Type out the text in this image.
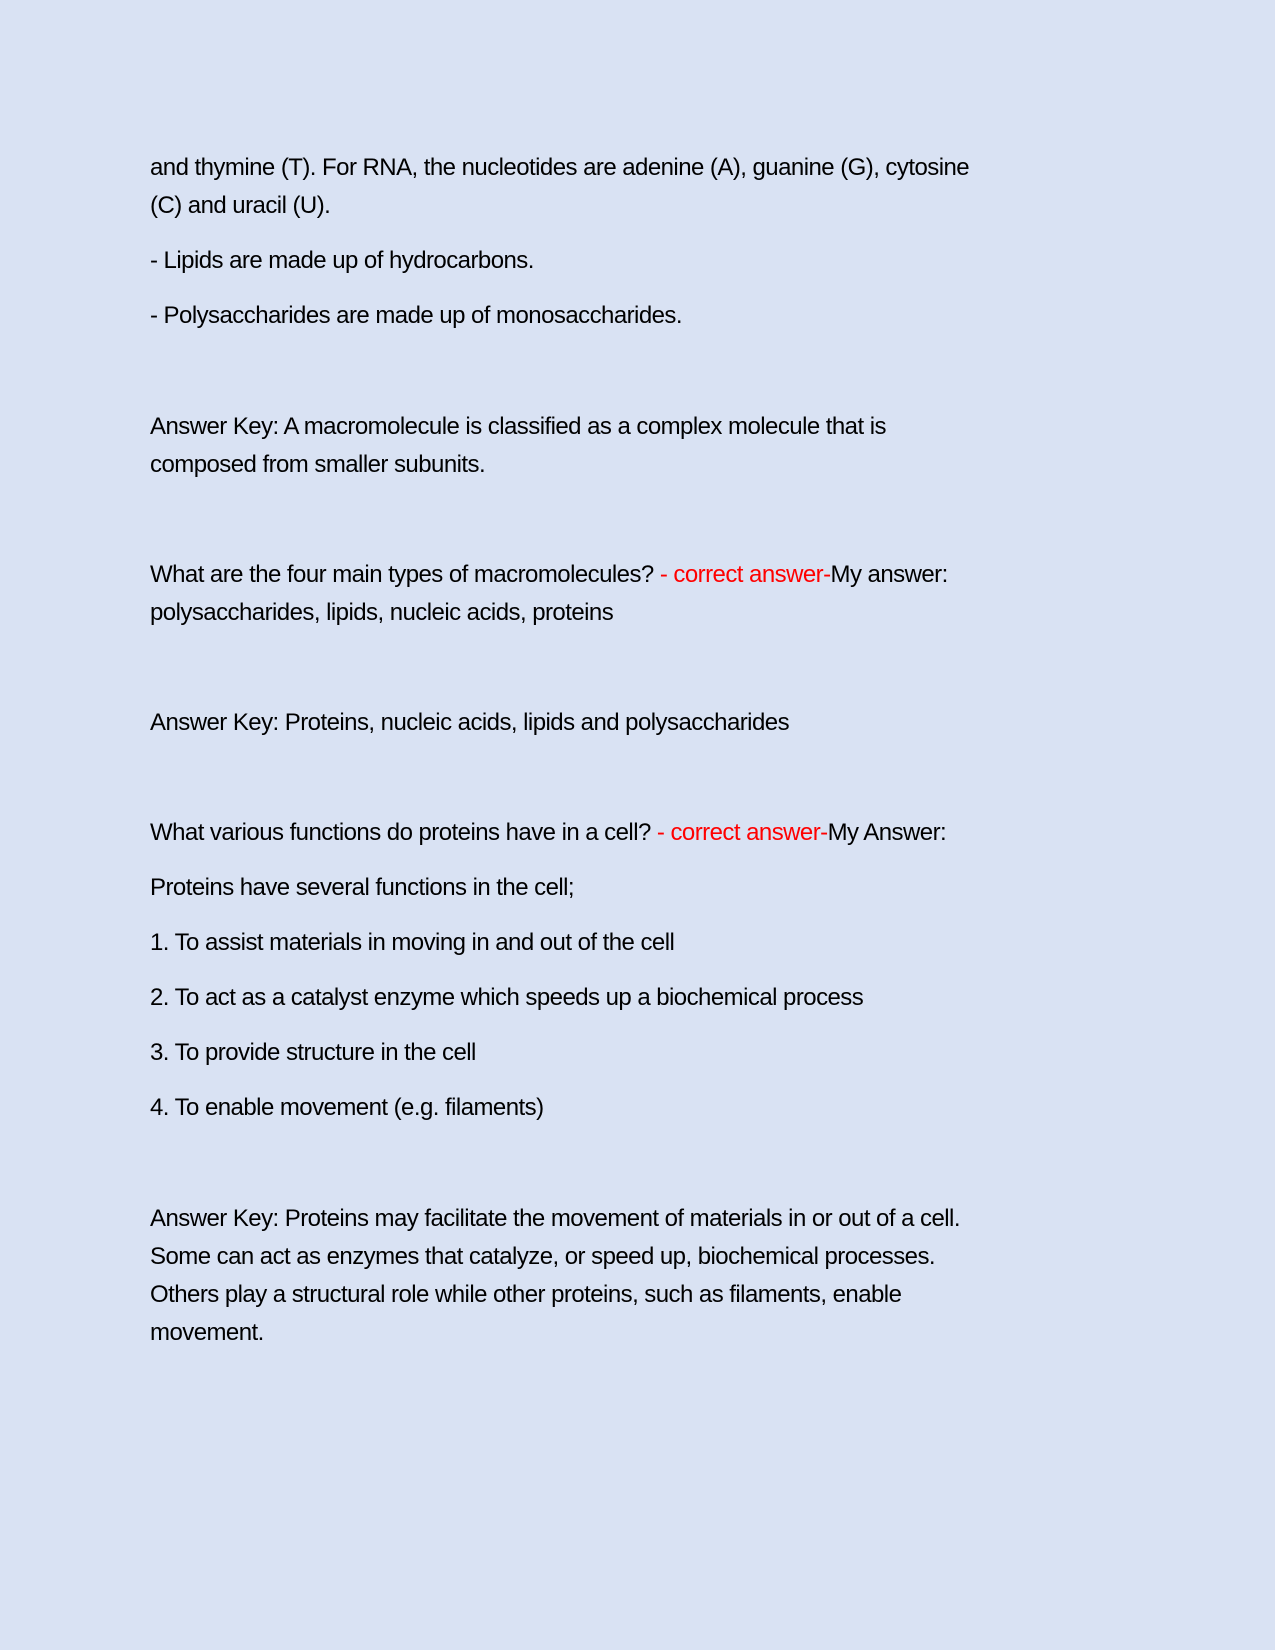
and thymine (T). For RNA, the nucleotides are adenine (A), guanine (G), cytosine
(C) and uracil (U).
- Lipids are made up of hydrocarbons.
- Polysaccharides are made up of monosaccharides.
Answer Key: A macromolecule is classified as a complex molecule that is
composed from smaller subunits.
What are the four main types of macromolecules? - correct answer-My answer:
polysaccharides, lipids, nucleic acids, proteins
Answer Key: Proteins, nucleic acids, lipids and polysaccharides
What various functions do proteins have in a cell? - correct answer-My Answer:
Proteins have several functions in the cell;
1. To assist materials in moving in and out of the cell
2. To act as a catalyst enzyme which speeds up a biochemical process
3. To provide structure in the cell
4. To enable movement (e.g. filaments)
Answer Key: Proteins may facilitate the movement of materials in or out of a cell.
Some can act as enzymes that catalyze, or speed up, biochemical processes.
Others play a structural role while other proteins, such as filaments, enable
movement.
